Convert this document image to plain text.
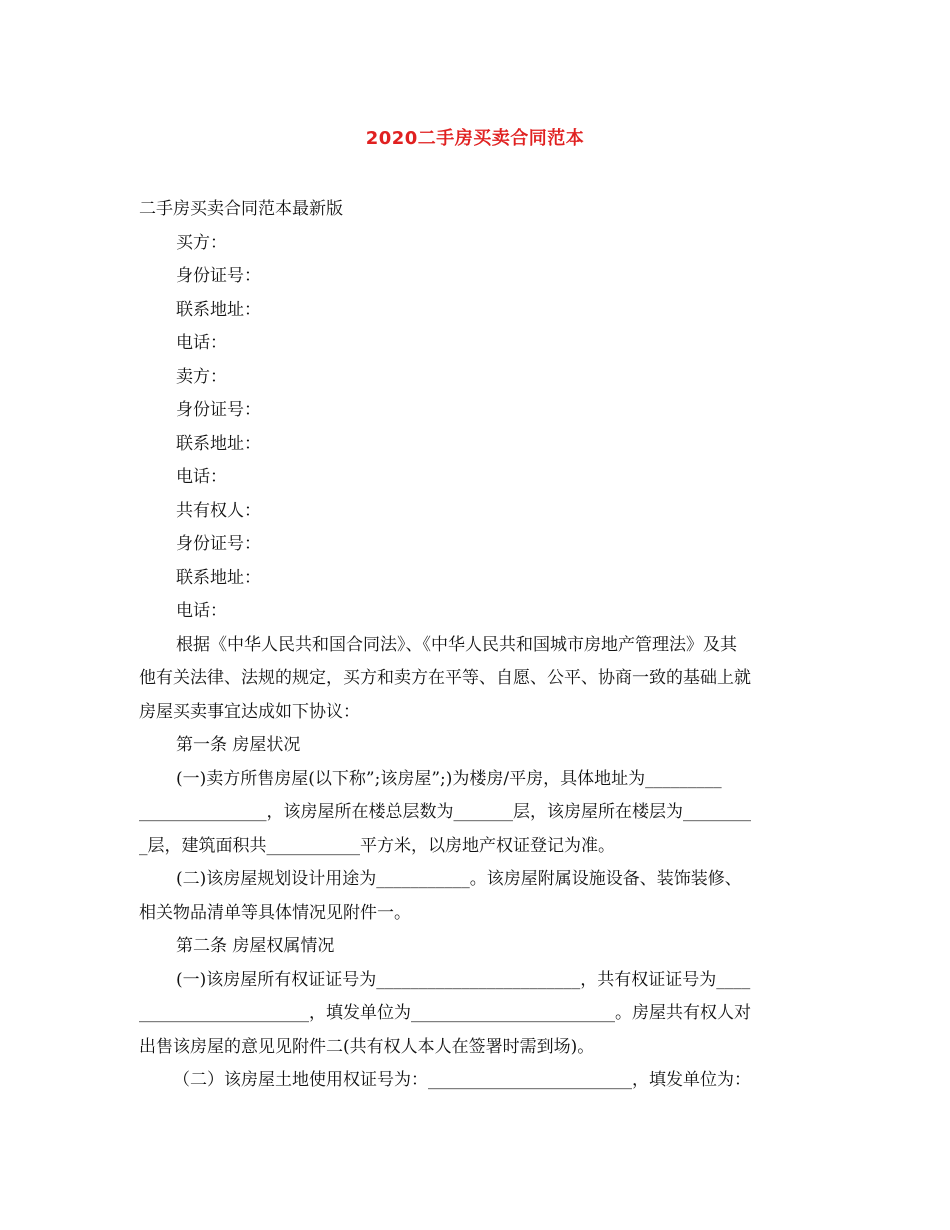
2020二手房买卖合同范本
二手房买卖合同范本最新版
买方：
身份证号：
联系地址：
电话：
卖方：
身份证号：
联系地址：
电话：
共有权人：
身份证号：
联系地址：
电话：
根据《中华人民共和国合同法》、《中华人民共和国城市房地产管理法》及其
他有关法律、法规的规定，买方和卖方在平等、自愿、公平、协商一致的基础上就
房屋买卖事宜达成如下协议：
第一条 房屋状况
(一)卖方所售房屋(以下称”;该房屋”;)为楼房/平房，具体地址为_________
_______________，该房屋所在楼总层数为_______层，该房屋所在楼层为________
_层，建筑面积共___________平方米，以房地产权证登记为准。
(二)该房屋规划设计用途为___________。该房屋附属设施设备、装饰装修、
相关物品清单等具体情况见附件一。
第二条 房屋权属情况
(一)该房屋所有权证证号为________________________，共有权证证号为____
____________________，填发单位为________________________。房屋共有权人对
出售该房屋的意见见附件二(共有权人本人在签署时需到场)。
（二）该房屋土地使用权证号为：________________________，填发单位为：
